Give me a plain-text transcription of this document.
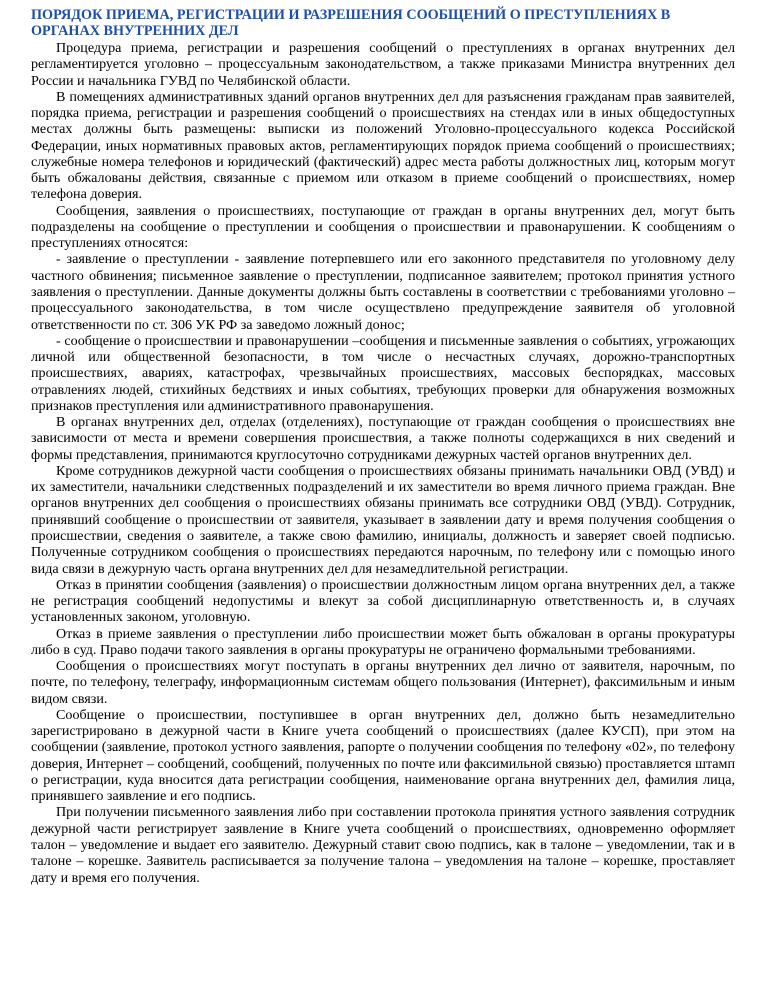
ПОРЯДОК ПРИЕМА, РЕГИСТРАЦИИ И РАЗРЕШЕНИЯ СООБЩЕНИЙ О ПРЕСТУПЛЕНИЯХ В ОРГАНАХ ВНУТРЕННИХ ДЕЛ

Процедура приема, регистрации и разрешения сообщений о преступлениях в органах внутренних дел регламентируется уголовно – процессуальным законодательством, а также приказами Министра внутренних дел России и начальника ГУВД по Челябинской области.

В помещениях административных зданий органов внутренних дел для разъяснения гражданам прав заявителей, порядка приема, регистрации и разрешения сообщений о происшествиях на стендах или в иных общедоступных местах должны быть размещены: выписки из положений Уголовно-процессуального кодекса Российской Федерации, иных нормативных правовых актов, регламентирующих порядок приема сообщений о происшествиях; служебные номера телефонов и юридический (фактический) адрес места работы должностных лиц, которым могут быть обжалованы действия, связанные с приемом или отказом в приеме сообщений о происшествиях, номер телефона доверия.

Сообщения, заявления о происшествиях, поступающие от граждан в органы внутренних дел, могут быть подразделены на сообщение о преступлении и сообщения о происшествии и правонарушении. К сообщениям о преступлениях относятся:

- заявление о преступлении - заявление потерпевшего или его законного представителя по уголовному делу частного обвинения; письменное заявление о преступлении, подписанное заявителем; протокол принятия устного заявления о преступлении. Данные документы должны быть составлены в соответствии с требованиями уголовно – процессуального законодательства, в том числе осуществлено предупреждение заявителя об уголовной ответственности по ст. 306 УК РФ за заведомо ложный донос;

- сообщение о происшествии и правонарушении –сообщения и письменные заявления о событиях, угрожающих личной или общественной безопасности, в том числе о несчастных случаях, дорожно-транспортных происшествиях, авариях, катастрофах, чрезвычайных происшествиях, массовых беспорядках, массовых отравлениях людей, стихийных бедствиях и иных событиях, требующих проверки для обнаружения возможных признаков преступления или административного правонарушения.

В органах внутренних дел, отделах (отделениях), поступающие от граждан сообщения о происшествиях вне зависимости от места и времени совершения происшествия, а также полноты содержащихся в них сведений и формы представления, принимаются круглосуточно сотрудниками дежурных частей органов внутренних дел.

Кроме сотрудников дежурной части сообщения о происшествиях обязаны принимать начальники ОВД (УВД) и их заместители, начальники следственных подразделений и их заместители во время личного приема граждан. Вне органов внутренних дел сообщения о происшествиях обязаны принимать все сотрудники ОВД (УВД). Сотрудник, принявший сообщение о происшествии от заявителя, указывает в заявлении дату и время получения сообщения о происшествии, сведения о заявителе, а также свою фамилию, инициалы, должность и заверяет своей подписью. Полученные сотрудником сообщения о происшествиях передаются нарочным, по телефону или с помощью иного вида связи в дежурную часть органа внутренних дел для незамедлительной регистрации.

Отказ в принятии сообщения (заявления) о происшествии должностным лицом органа внутренних дел, а также не регистрация сообщений недопустимы и влекут за собой дисциплинарную ответственность и, в случаях установленных законом, уголовную.

Отказ в приеме заявления о преступлении либо происшествии может быть обжалован в органы прокуратуры либо в суд. Право подачи такого заявления в органы прокуратуры не ограничено формальными требованиями.

Сообщения о происшествиях могут поступать в органы внутренних дел лично от заявителя, нарочным, по почте, по телефону, телеграфу, информационным системам общего пользования (Интернет), факсимильным и иным видом связи.

Сообщение о происшествии, поступившее в орган внутренних дел, должно быть незамедлительно зарегистрировано в дежурной части в Книге учета сообщений о происшествиях (далее КУСП), при этом на сообщении (заявление, протокол устного заявления, рапорте о получении сообщения по телефону «02», по телефону доверия, Интернет – сообщений, сообщений, полученных по почте или факсимильной связью) проставляется штамп о регистрации, куда вносится дата регистрации сообщения, наименование органа внутренних дел, фамилия лица, принявшего заявление и его подпись.

При получении письменного заявления либо при составлении протокола принятия устного заявления сотрудник дежурной части регистрирует заявление в Книге учета сообщений о происшествиях, одновременно оформляет талон – уведомление и выдает его заявителю. Дежурный ставит свою подпись, как в талоне – уведомлении, так и в талоне – корешке. Заявитель расписывается за получение талона – уведомления на талоне – корешке, проставляет дату и время его получения.
